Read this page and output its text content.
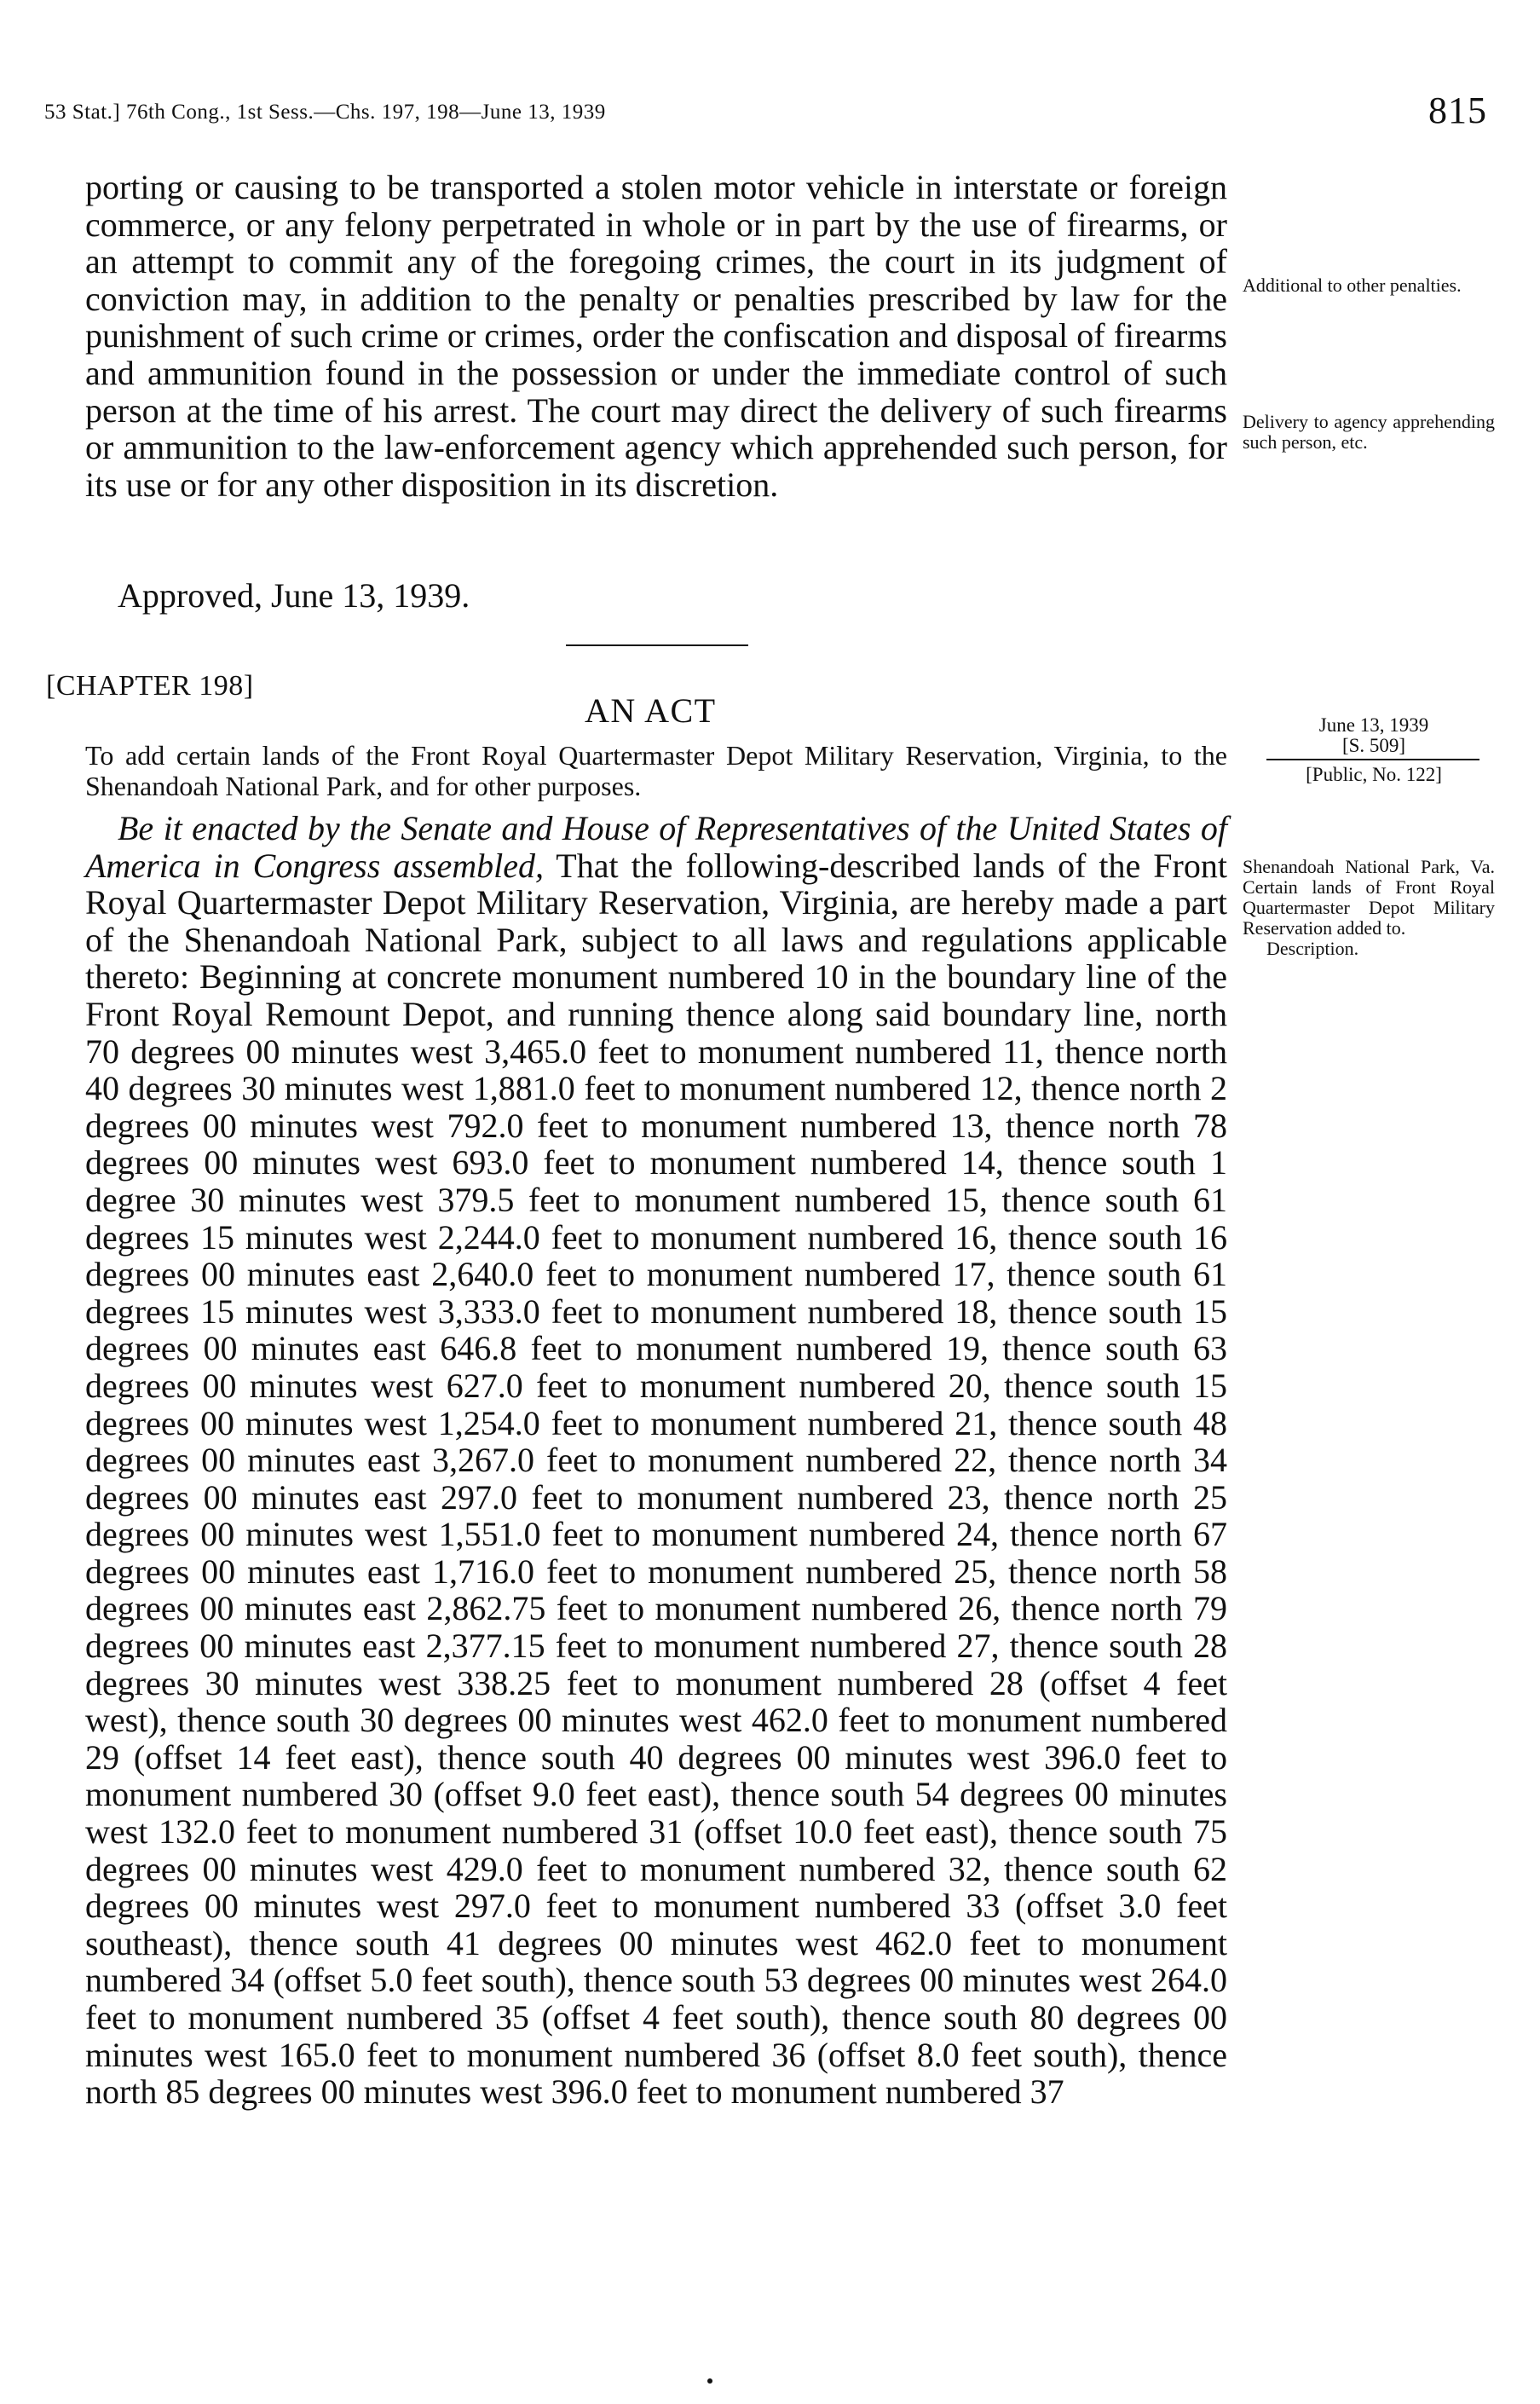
53 Stat.] 76th Cong., 1st Sess.—Chs. 197, 198—June 13, 1939	815

porting or causing to be transported a stolen motor vehicle in interstate or foreign commerce, or any felony perpetrated in whole or in part by the use of firearms, or an attempt to commit any of the foregoing crimes, the court in its judgment of conviction may, in addition to the penalty or penalties prescribed by law for the punishment of such crime or crimes, order the confiscation and disposal of firearms and ammunition found in the possession or under the immediate control of such person at the time of his arrest. The court may direct the delivery of such firearms or ammunition to the law-enforcement agency which apprehended such person, for its use or for any other disposition in its discretion.

Approved, June 13, 1939.
[CHAPTER 198]
AN ACT
To add certain lands of the Front Royal Quartermaster Depot Military Reservation, Virginia, to the Shenandoah National Park, and for other purposes.

Be it enacted by the Senate and House of Representatives of the United States of America in Congress assembled, That the following-described lands of the Front Royal Quartermaster Depot Military Reservation, Virginia, are hereby made a part of the Shenandoah National Park, subject to all laws and regulations applicable thereto: Beginning at concrete monument numbered 10 in the boundary line of the Front Royal Remount Depot, and running thence along said boundary line, north 70 degrees 00 minutes west 3,465.0 feet to monument numbered 11, thence north 40 degrees 30 minutes west 1,881.0 feet to monument numbered 12, thence north 2 degrees 00 minutes west 792.0 feet to monument numbered 13, thence north 78 degrees 00 minutes west 693.0 feet to monument numbered 14, thence south 1 degree 30 minutes west 379.5 feet to monument numbered 15, thence south 61 degrees 15 minutes west 2,244.0 feet to monument numbered 16, thence south 16 degrees 00 minutes east 2,640.0 feet to monument numbered 17, thence south 61 degrees 15 minutes west 3,333.0 feet to monument numbered 18, thence south 15 degrees 00 minutes east 646.8 feet to monument numbered 19, thence south 63 degrees 00 minutes west 627.0 feet to monument numbered 20, thence south 15 degrees 00 minutes west 1,254.0 feet to monument numbered 21, thence south 48 degrees 00 minutes east 3,267.0 feet to monument numbered 22, thence north 34 degrees 00 minutes east 297.0 feet to monument numbered 23, thence north 25 degrees 00 minutes west 1,551.0 feet to monument numbered 24, thence north 67 degrees 00 minutes east 1,716.0 feet to monument numbered 25, thence north 58 degrees 00 minutes east 2,862.75 feet to monument numbered 26, thence north 79 degrees 00 minutes east 2,377.15 feet to monument numbered 27, thence south 28 degrees 30 minutes west 338.25 feet to monument numbered 28 (offset 4 feet west), thence south 30 degrees 00 minutes west 462.0 feet to monument numbered 29 (offset 14 feet east), thence south 40 degrees 00 minutes west 396.0 feet to monument numbered 30 (offset 9.0 feet east), thence south 54 degrees 00 minutes west 132.0 feet to monument numbered 31 (offset 10.0 feet east), thence south 75 degrees 00 minutes west 429.0 feet to monument numbered 32, thence south 62 degrees 00 minutes west 297.0 feet to monument numbered 33 (offset 3.0 feet southeast), thence south 41 degrees 00 minutes west 462.0 feet to monument numbered 34 (offset 5.0 feet south), thence south 53 degrees 00 minutes west 264.0 feet to monument numbered 35 (offset 4 feet south), thence south 80 degrees 00 minutes west 165.0 feet to monument numbered 36 (offset 8.0 feet south), thence north 85 degrees 00 minutes west 396.0 feet to monument numbered 37

Additional to other penalties.
Delivery to agency apprehending such person, etc.
June 13, 1939
[S. 509]
[Public, No. 122]
Shenandoah National Park, Va. Certain lands of Front Royal Quartermaster Depot Military Reservation added to.
Description.
